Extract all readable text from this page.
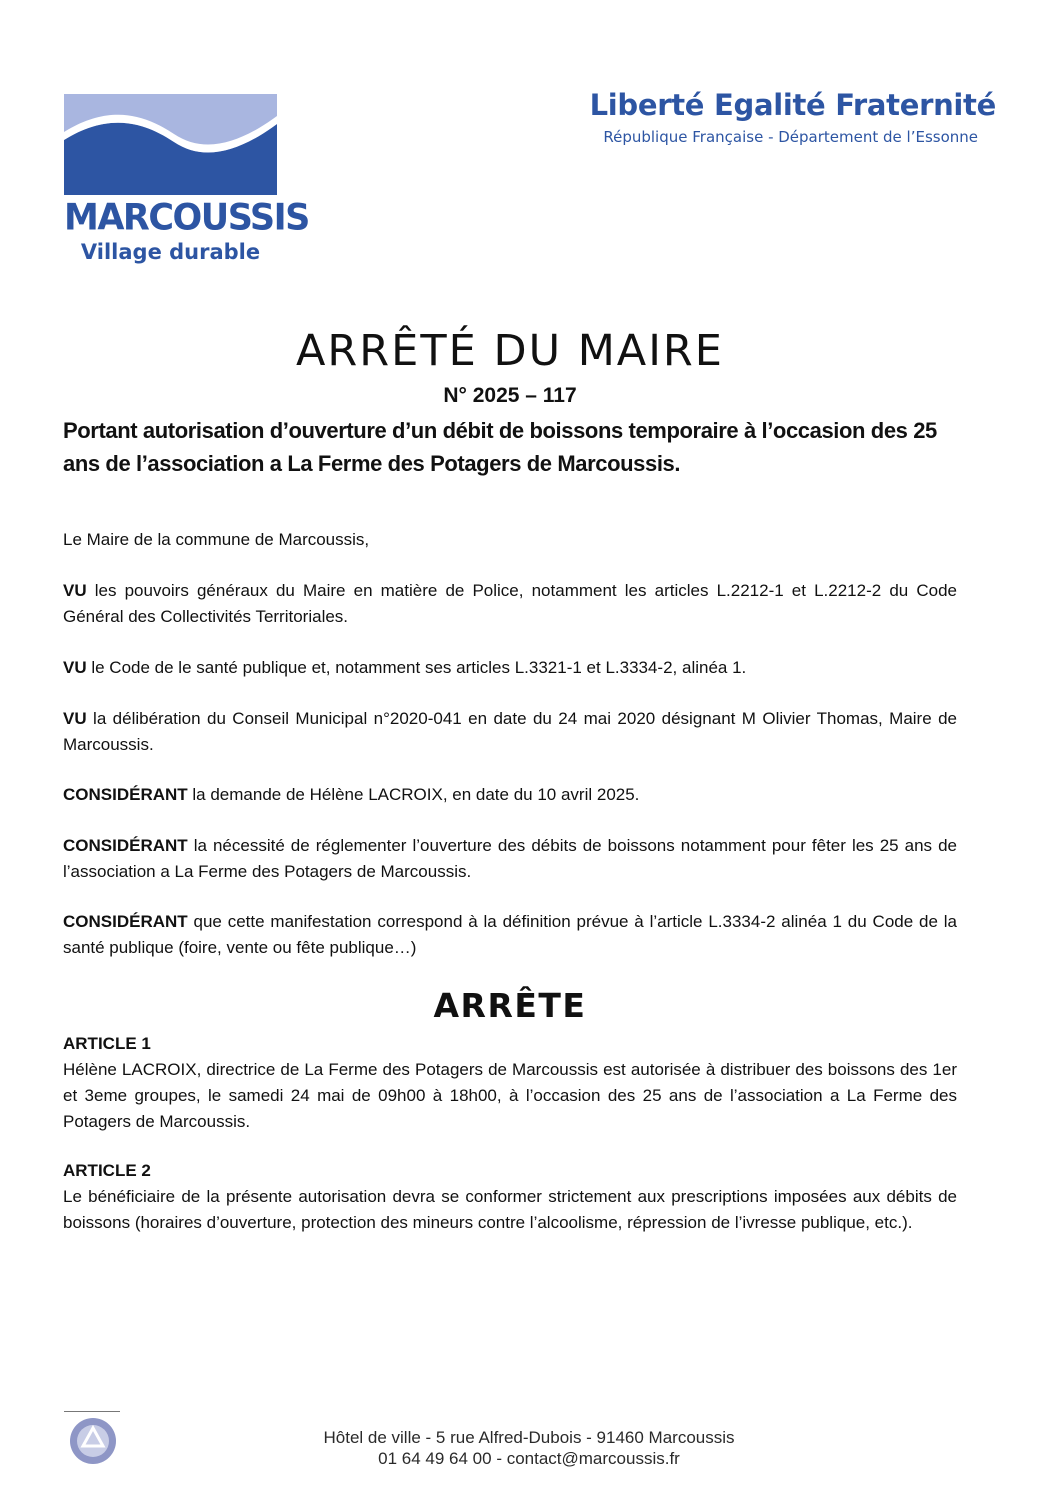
MARCOUSSIS
Village durable
Liberté Egalité Fraternité
République Française - Département de l’Essonne
ARRÊTÉ DU MAIRE
N° 2025 – 117
Portant autorisation d’ouverture d’un débit de boissons temporaire à l’occasion des 25 ans de l’association a La Ferme des Potagers de Marcoussis.

Le Maire de la commune de Marcoussis,

VU les pouvoirs généraux du Maire en matière de Police, notamment les articles L.2212-1 et L.2212-2 du Code Général des Collectivités Territoriales.

VU le Code de le santé publique et, notamment ses articles L.3321-1 et L.3334-2, alinéa 1.

VU la délibération du Conseil Municipal n°2020-041 en date du 24 mai 2020 désignant M Olivier Thomas, Maire de Marcoussis.

CONSIDÉRANT la demande de Hélène LACROIX, en date du 10 avril 2025.

CONSIDÉRANT la nécessité de réglementer l’ouverture des débits de boissons notamment pour fêter les 25 ans de l’association a La Ferme des Potagers de Marcoussis.

CONSIDÉRANT que cette manifestation correspond à la définition prévue à l’article L.3334-2 alinéa 1 du Code de la santé publique (foire, vente ou fête publique…)

ARRÊTE
ARTICLE 1

Hélène LACROIX, directrice de La Ferme des Potagers de Marcoussis est autorisée à distribuer des boissons des 1er et 3eme groupes, le samedi 24 mai de 09h00 à 18h00, à l’occasion des 25 ans de l’association a La Ferme des Potagers de Marcoussis.

ARTICLE 2

Le bénéficiaire de la présente autorisation devra se conformer strictement aux prescriptions imposées aux débits de boissons (horaires d’ouverture, protection des mineurs contre l’alcoolisme, répression de l’ivresse publique, etc.).

Hôtel de ville - 5 rue Alfred-Dubois - 91460 Marcoussis
01 64 49 64 00 - contact@marcoussis.fr
